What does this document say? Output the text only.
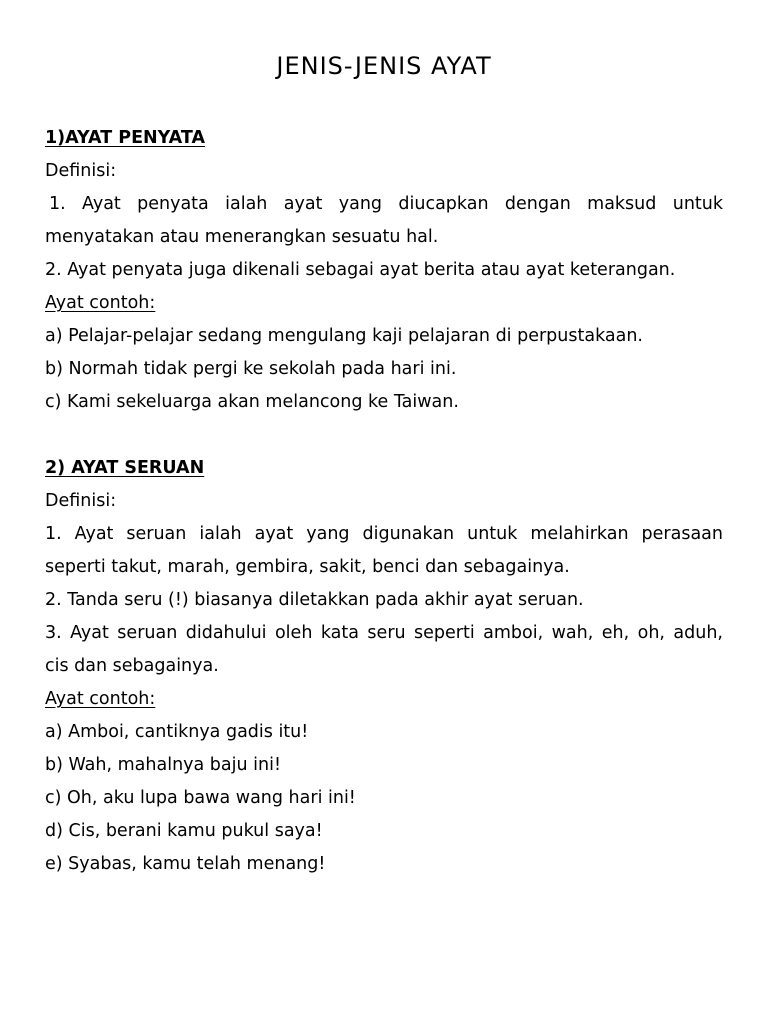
JENIS-JENIS AYAT
1)AYAT PENYATA
Definisi:
1. Ayat penyata ialah ayat yang diucapkan dengan maksud untuk
menyatakan atau menerangkan sesuatu hal.
2. Ayat penyata juga dikenali sebagai ayat berita atau ayat keterangan.
Ayat contoh:
a) Pelajar-pelajar sedang mengulang kaji pelajaran di perpustakaan.
b) Normah tidak pergi ke sekolah pada hari ini.
c) Kami sekeluarga akan melancong ke Taiwan.
2) AYAT SERUAN
Definisi:
1. Ayat seruan ialah ayat yang digunakan untuk melahirkan perasaan
seperti takut, marah, gembira, sakit, benci dan sebagainya.
2. Tanda seru (!) biasanya diletakkan pada akhir ayat seruan.
3. Ayat seruan didahului oleh kata seru seperti amboi, wah, eh, oh, aduh,
cis dan sebagainya.
Ayat contoh:
a) Amboi, cantiknya gadis itu!
b) Wah, mahalnya baju ini!
c) Oh, aku lupa bawa wang hari ini!
d) Cis, berani kamu pukul saya!
e) Syabas, kamu telah menang!
